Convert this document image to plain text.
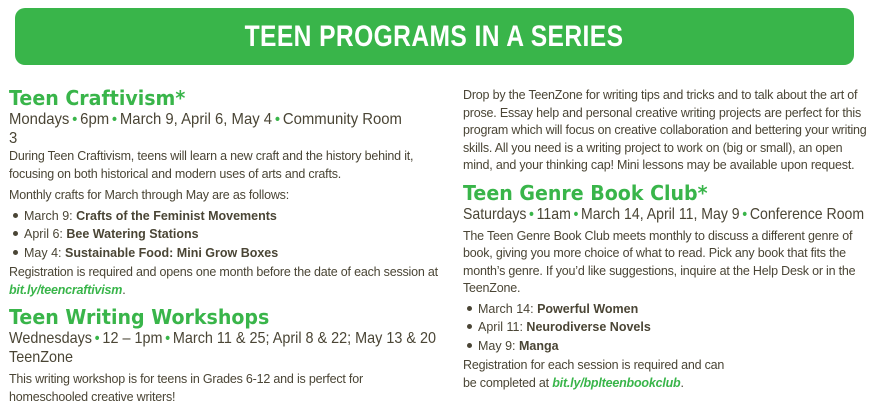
TEEN PROGRAMS IN A SERIES
Teen Craftivism*

Mondays • 6pm • March 9, April 6, May 4 • Community Room 3

During Teen Craftivism, teens will learn a new craft and the history behind it, focusing on both historical and modern uses of arts and crafts.

Monthly crafts for March through May are as follows:

March 9: Crafts of the Feminist Movements
April 6: Bee Watering Stations
May 4: Sustainable Food: Mini Grow Boxes

Registration is required and opens one month before the date of each session at bit.ly/teencraftivism.

Teen Writing Workshops

Wednesdays • 12 – 1pm • March 11 & 25; April 8 & 22; May 13 & 20

TeenZone

This writing workshop is for teens in Grades 6-12 and is perfect for homeschooled creative writers!

Drop by the TeenZone for writing tips and tricks and to talk about the art of prose. Essay help and personal creative writing projects are perfect for this program which will focus on creative collaboration and bettering your writing skills. All you need is a writing project to work on (big or small), an open mind, and your thinking cap! Mini lessons may be available upon request.

Teen Genre Book Club*

Saturdays • 11am • March 14, April 11, May 9 • Conference Room

The Teen Genre Book Club meets monthly to discuss a different genre of book, giving you more choice of what to read. Pick any book that fits the month’s genre. If you’d like suggestions, inquire at the Help Desk or in the TeenZone.

March 14: Powerful Women
April 11: Neurodiverse Novels
May 9: Manga

Registration for each session is required and can be completed at bit.ly/bplteenbookclub.
